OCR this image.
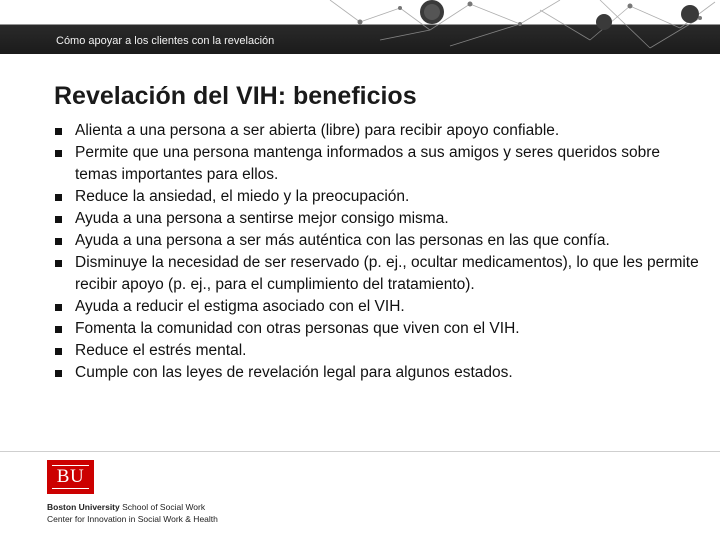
Cómo apoyar a los clientes con la revelación
Revelación del VIH: beneficios
Alienta a una persona a ser abierta (libre) para recibir apoyo confiable.
Permite que una persona mantenga informados a sus amigos y seres queridos sobre temas importantes para ellos.
Reduce la ansiedad, el miedo y la preocupación.
Ayuda a una persona a sentirse mejor consigo misma.
Ayuda a una persona a ser más auténtica con las personas en las que confía.
Disminuye la necesidad de ser reservado (p. ej., ocultar medicamentos), lo que les permite recibir apoyo (p. ej., para el cumplimiento del tratamiento).
Ayuda a reducir el estigma asociado con el VIH.
Fomenta la comunidad con otras personas que viven con el VIH.
Reduce el estrés mental.
Cumple con las leyes de revelación legal para algunos estados.
BU
Boston University School of Social Work
Center for Innovation in Social Work & Health
